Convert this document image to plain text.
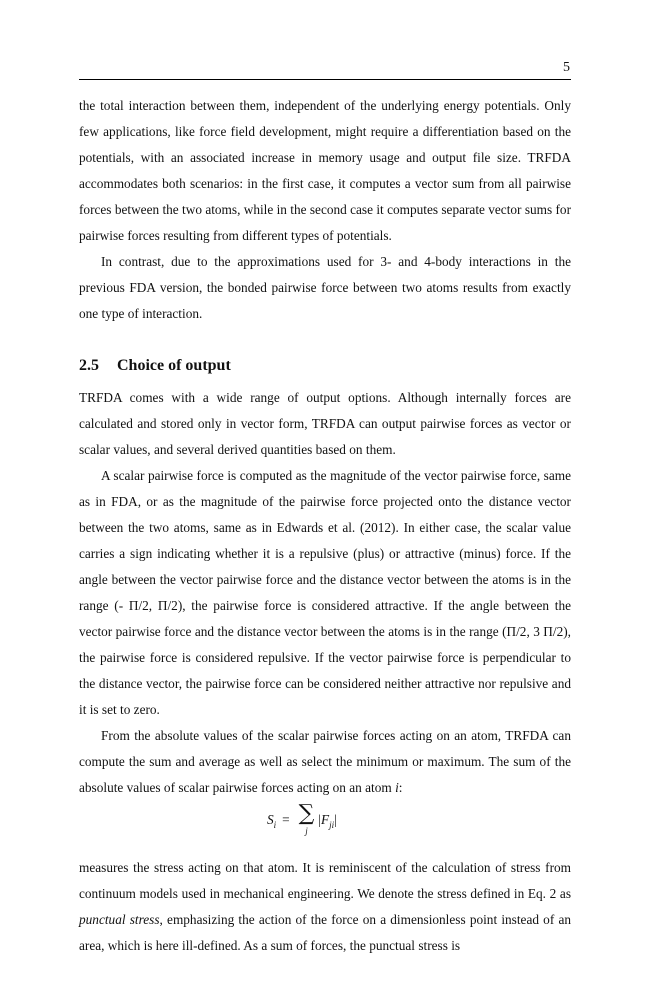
5

the total interaction between them, independent of the underlying energy potentials. Only few applications, like force field development, might require a differentiation based on the potentials, with an associated increase in memory usage and output file size. TRFDA accommodates both scenarios: in the first case, it computes a vector sum from all pairwise forces between the two atoms, while in the second case it computes separate vector sums for pairwise forces resulting from different types of potentials.

In contrast, due to the approximations used for 3- and 4-body interactions in the previous FDA version, the bonded pairwise force between two atoms results from exactly one type of interaction.

2.5 Choice of output

TRFDA comes with a wide range of output options. Although internally forces are calculated and stored only in vector form, TRFDA can output pairwise forces as vector or scalar values, and several derived quantities based on them.

A scalar pairwise force is computed as the magnitude of the vector pairwise force, same as in FDA, or as the magnitude of the pairwise force projected onto the distance vector between the two atoms, same as in Edwards et al. (2012). In either case, the scalar value carries a sign indicating whether it is a repulsive (plus) or attractive (minus) force. If the angle between the vector pairwise force and the distance vector between the atoms is in the range (- Π/2, Π/2), the pairwise force is considered attractive. If the angle between the vector pairwise force and the distance vector between the atoms is in the range (Π/2, 3 Π/2), the pairwise force is considered repulsive. If the vector pairwise force is perpendicular to the distance vector, the pairwise force can be considered neither attractive nor repulsive and it is set to zero.

From the absolute values of the scalar pairwise forces acting on an atom, TRFDA can compute the sum and average as well as select the minimum or maximum. The sum of the absolute values of scalar pairwise forces acting on an atom i:

S i = ∑
j
|F ji |

measures the stress acting on that atom. It is reminiscent of the calculation of stress from continuum models used in mechanical engineering. We denote the stress defined in Eq. 2 as punctual stress, emphasizing the action of the force on a dimensionless point instead of an area, which is here ill-defined. As a sum of forces, the punctual stress is
